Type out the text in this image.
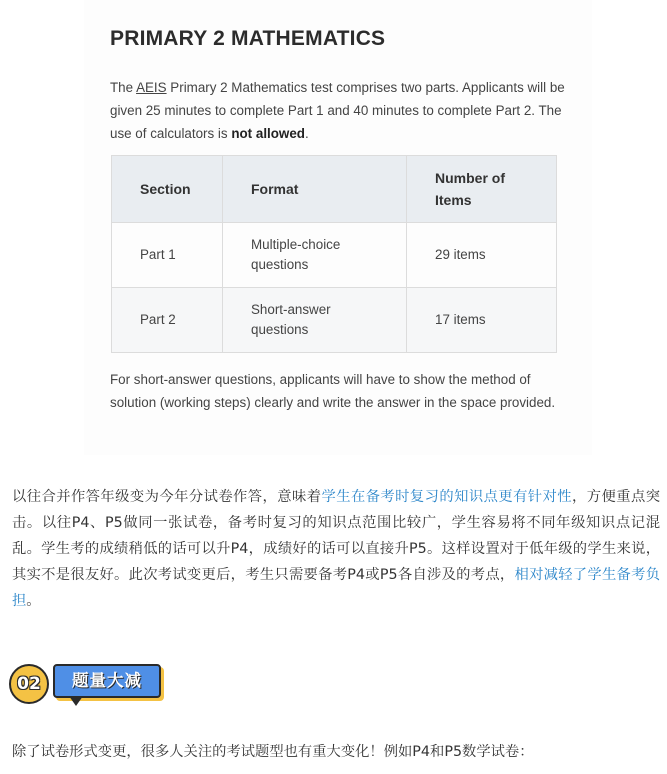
PRIMARY 2 MATHEMATICS
The AEIS Primary 2 Mathematics test comprises two parts. Applicants will be given 25 minutes to complete Part 1 and 40 minutes to complete Part 2. The use of calculators is not allowed.
Section	Format	Number of Items

Part 1	Multiple-choice questions	29 items
Part 2	Short-answer questions	17 items
For short-answer questions, applicants will have to show the method of solution (working steps) clearly and write the answer in the space provided.
以往合并作答年级变为今年分试卷作答，意味着学生在备考时复习的知识点更有针对性，方便重点突击。以往P4、P5做同一张试卷，备考时复习的知识点范围比较广，学生容易将不同年级知识点记混乱。学生考的成绩稍低的话可以升P4，成绩好的话可以直接升P5。这样设置对于低年级的学生来说，其实不是很友好。此次考试变更后，考生只需要备考P4或P5各自涉及的考点，相对减轻了学生备考负担。
02	题量大减
除了试卷形式变更，很多人关注的考试题型也有重大变化！例如P4和P5数学试卷：
